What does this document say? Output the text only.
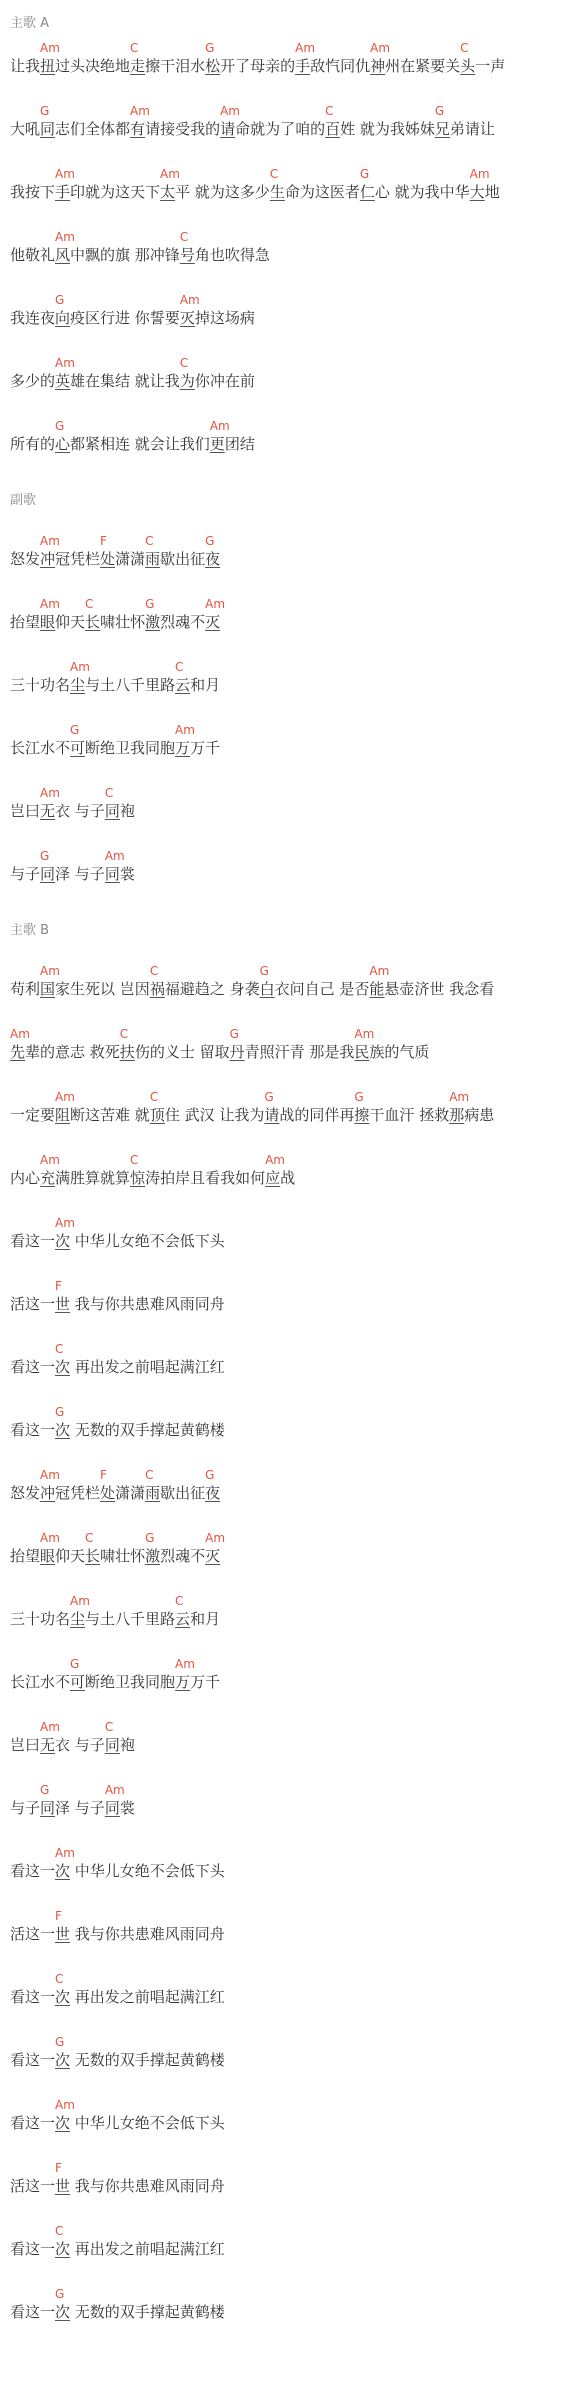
主歌 A
让我扭
Am
过头决绝地走
C
擦干泪水松
G
开了母亲的手
Am
敌忾同仇神
Am
州在紧要关头
C
一声
大吼同
G
志们全体都有
Am
请接受我的请
Am
命就为了咱的百
C
姓 就为我姊妹兄
G
弟请让
我按下手
Am
印就为这天下太
Am
平 就为这多少生
C
命为这医者仁
G
心 就为我中华大
Am
地
他敬礼风
Am
中飘的旗 那冲锋号
C
角也吹得急
我连夜向
G
疫区行进 你誓要灭
Am
掉这场病
多少的英
Am
雄在集结 就让我为
C
你冲在前
所有的心
G
都紧相连 就会让我们更
Am
团结
副歌
怒发冲
Am
冠凭栏处
F
潇潇雨
C
歇出征夜
G
抬望眼
Am
仰天长
C
啸壮怀激
G
烈魂不灭
Am
三十功名尘
Am
与土八千里路云
C
和月
长江水不可
G
断绝卫我同胞万
Am
万千
岂曰无
Am
衣 与子同
C
袍
与子同
G
泽 与子同
Am
裳
主歌 B
苟利国
Am
家生死以 岂因祸
C
福避趋之 身袭白
G
衣问自己 是否能
Am
悬壶济世 我念看
先
Am
辈的意志 救死扶
C
伤的义士 留取丹
G
青照汗青 那是我民
Am
族的气质
一定要阻
Am
断这苦难 就顶
C
住 武汉 让我为请
G
战的同伴再擦
G
干血汗 拯救那
Am
病患
内心充
Am
满胜算就算惊
C
涛拍岸且看我如何应
Am
战
看这一次
Am
中华儿女绝不会低下头
活这一世
F
我与你共患难风雨同舟
看这一次
C
再出发之前唱起满江红
看这一次
G
无数的双手撑起黄鹤楼
怒发冲
Am
冠凭栏处
F
潇潇雨
C
歇出征夜
G
抬望眼
Am
仰天长
C
啸壮怀激
G
烈魂不灭
Am
三十功名尘
Am
与土八千里路云
C
和月
长江水不可
G
断绝卫我同胞万
Am
万千
岂曰无
Am
衣 与子同
C
袍
与子同
G
泽 与子同
Am
裳
看这一次
Am
中华儿女绝不会低下头
活这一世
F
我与你共患难风雨同舟
看这一次
C
再出发之前唱起满江红
看这一次
G
无数的双手撑起黄鹤楼
看这一次
Am
中华儿女绝不会低下头
活这一世
F
我与你共患难风雨同舟
看这一次
C
再出发之前唱起满江红
看这一次
G
无数的双手撑起黄鹤楼
